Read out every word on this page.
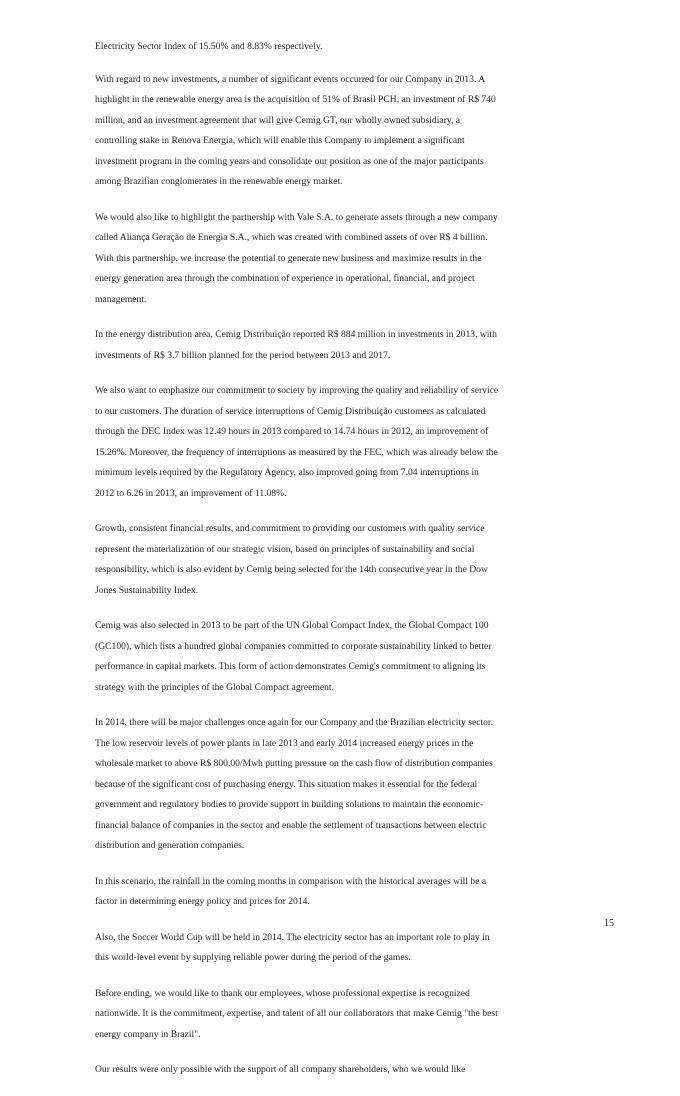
Electricity Sector Index of 15.50% and 8.83% respectively.

With regard to new investments, a number of significant events occurred for our Company in 2013. A highlight in the renewable energy area is the acquisition of 51% of Brasil PCH, an investment of R$ 740 million, and an investment agreement that will give Cemig GT, our wholly owned subsidiary, a controlling stake in Renova Energia, which will enable this Company to implement a significant investment program in the coming years and consolidate our position as one of the major participants among Brazilian conglomerates in the renewable energy market.

We would also like to highlight the partnership with Vale S.A. to generate assets through a new company called Aliança Geração de Energia S.A., which was created with combined assets of over R$ 4 billion. With this partnership, we increase the potential to generate new business and maximize results in the energy generation area through the combination of experience in operational, financial, and project management.

In the energy distribution area, Cemig Distribuição reported R$ 884 million in investments in 2013, with investments of R$ 3.7 billion planned for the period between 2013 and 2017.

We also want to emphasize our commitment to society by improving the quality and reliability of service to our customers. The duration of service interruptions of Cemig Distribuição customers as calculated through the DEC Index was 12.49 hours in 2013 compared to 14.74 hours in 2012, an improvement of 15.26%. Moreover, the frequency of interruptions as measured by the FEC, which was already below the minimum levels required by the Regulatory Agency, also improved going from 7.04 interruptions in 2012 to 6.26 in 2013, an improvement of 11.08%.

Growth, consistent financial results, and commitment to providing our customers with quality service represent the materialization of our strategic vision, based on principles of sustainability and social responsibility, which is also evident by Cemig being selected for the 14th consecutive year in the Dow Jones Sustainability Index.

Cemig was also selected in 2013 to be part of the UN Global Compact Index, the Global Compact 100 (GC100), which lists a hundred global companies committed to corporate sustainability linked to better performance in capital markets. This form of action demonstrates Cemig's commitment to aligning its strategy with the principles of the Global Compact agreement.

In 2014, there will be major challenges once again for our Company and the Brazilian electricity sector. The low reservoir levels of power plants in late 2013 and early 2014 increased energy prices in the wholesale market to above R$ 800.00/Mwh putting pressure on the cash flow of distribution companies because of the significant cost of purchasing energy. This situation makes it essential for the federal government and regulatory bodies to provide support in building solutions to maintain the economic-financial balance of companies in the sector and enable the settlement of transactions between electric distribution and generation companies.

In this scenario, the rainfall in the coming months in comparison with the historical averages will be a factor in determining energy policy and prices for 2014.

Also, the Soccer World Cup will be held in 2014. The electricity sector has an important role to play in this world-level event by supplying reliable power during the period of the games.

Before ending, we would like to thank our employees, whose professional expertise is recognized nationwide. It is the commitment, expertise, and talent of all our collaborators that make Cemig "the best energy company in Brazil".

Our results were only possible with the support of all company shareholders, who we would like

15
